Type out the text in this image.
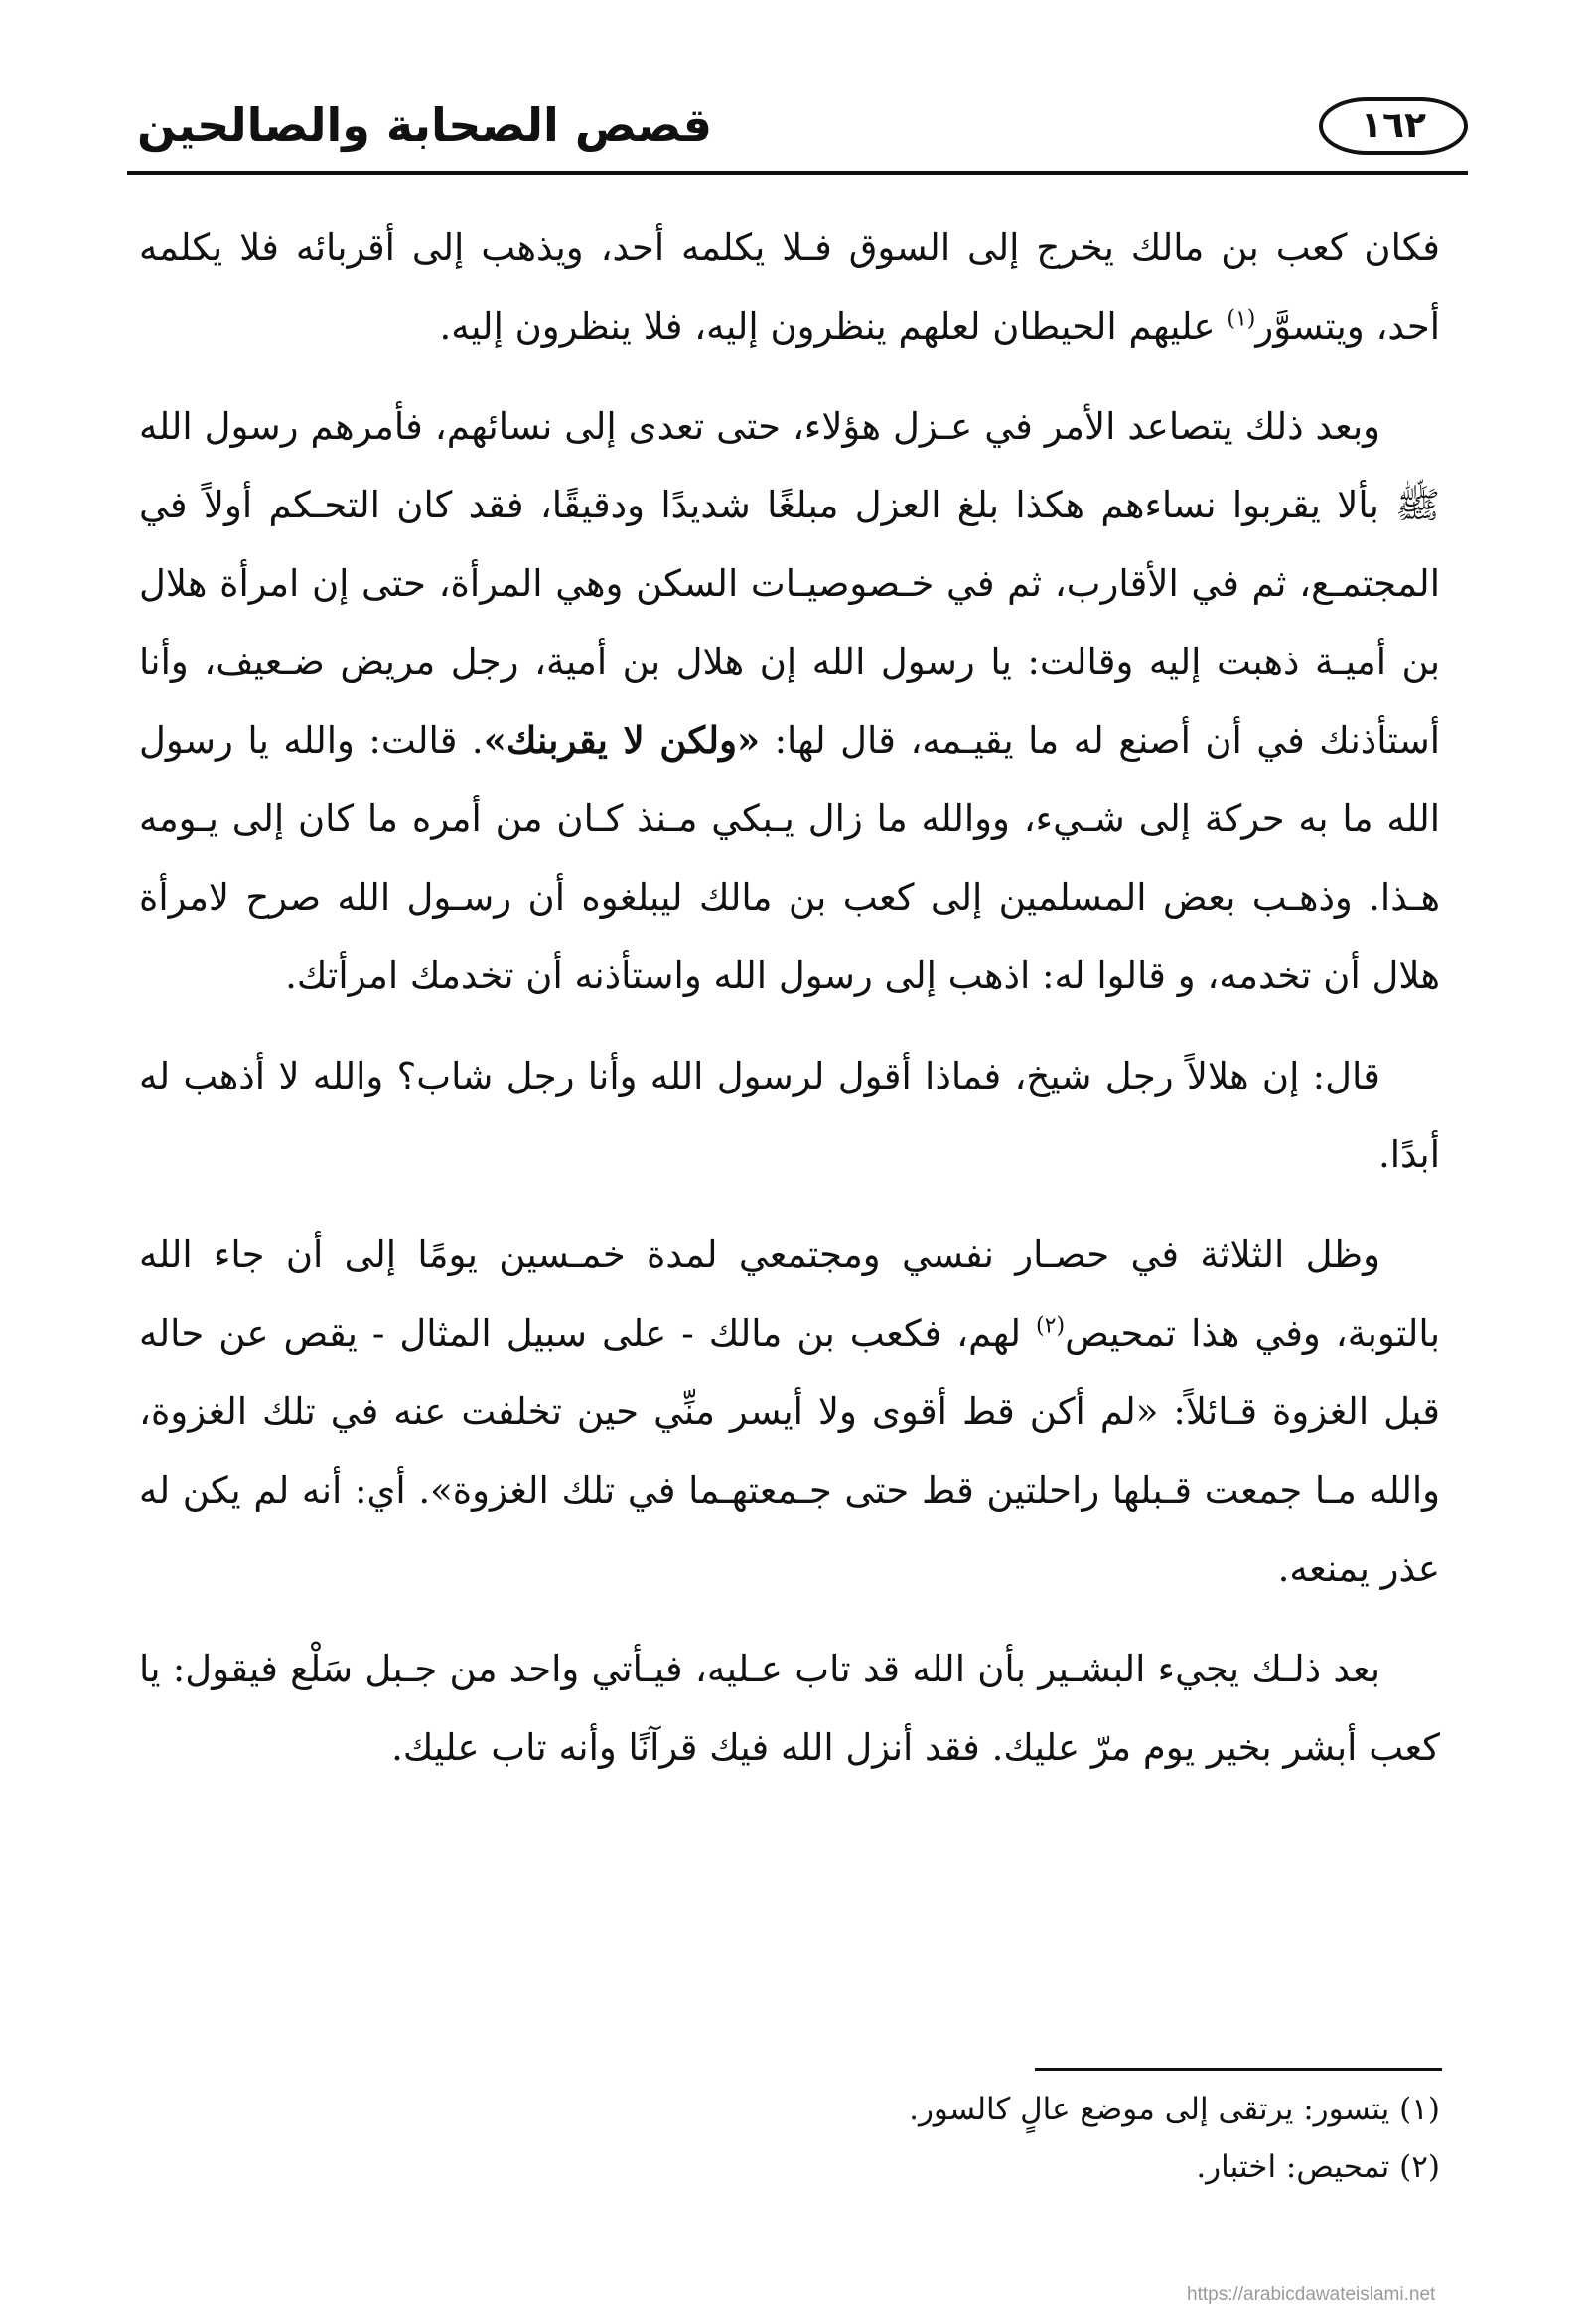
١٦٢
قصص الصحابة والصالحين

فكان كعب بن مالك يخرج إلى السوق فـلا يكلمه أحد، ويذهب إلى أقربائه فلا يكلمه أحد، ويتسوَّر$^{(١)}$ عليهم الحيطان لعلهم ينظرون إليه، فلا ينظرون إليه.

وبعد ذلك يتصاعد الأمر في عـزل هؤلاء، حتى تعدى إلى نسائهم، فأمرهم رسول الله ﷺ بألا يقربوا نساءهم هكذا بلغ العزل مبلغًا شديدًا ودقيقًا، فقد كان التحـكم أولاً في المجتمـع، ثم في الأقارب، ثم في خـصوصيـات السكن وهي المرأة، حتى إن امرأة هلال بن أميـة ذهبت إليه وقالت: يا رسول الله إن هلال بن أمية، رجل مريض ضـعيف، وأنا أستأذنك في أن أصنع له ما يقيـمه، قال لها: «ولكن لا يقربنك». قالت: والله يا رسول الله ما به حركة إلى شـيء، ووالله ما زال يـبكي مـنذ كـان من أمره ما كان إلى يـومه هـذا. وذهـب بعض المسلمين إلى كعب بن مالك ليبلغوه أن رسـول الله صرح لامرأة هلال أن تخدمه، و قالوا له: اذهب إلى رسول الله واستأذنه أن تخدمك امرأتك.

قال: إن هلالاً رجل شيخ، فماذا أقول لرسول الله وأنا رجل شاب؟ والله لا أذهب له أبدًا.

وظل الثلاثة في حصـار نفسي ومجتمعي لمدة خمـسين يومًا إلى أن جاء الله بالتوبة، وفي هذا تمحيص$^{(٢)}$ لهم، فكعب بن مالك - على سبيل المثال - يقص عن حاله قبل الغزوة قـائلاً: «لم أكن قط أقوى ولا أيسر منِّي حين تخلفت عنه في تلك الغزوة، والله مـا جمعت قـبلها راحلتين قط حتى جـمعتهـما في تلك الغزوة». أي: أنه لم يكن له عذر يمنعه.

بعد ذلـك يجيء البشـير بأن الله قد تاب عـليه، فيـأتي واحد من جـبل سَلْع فيقول: يا كعب أبشر بخير يوم مرّ عليك. فقد أنزل الله فيك قرآنًا وأنه تاب عليك.

(١) يتسور: يرتقى إلى موضع عالٍ كالسور.
(٢) تمحيص: اختبار.
https://arabicdawateislami.net
